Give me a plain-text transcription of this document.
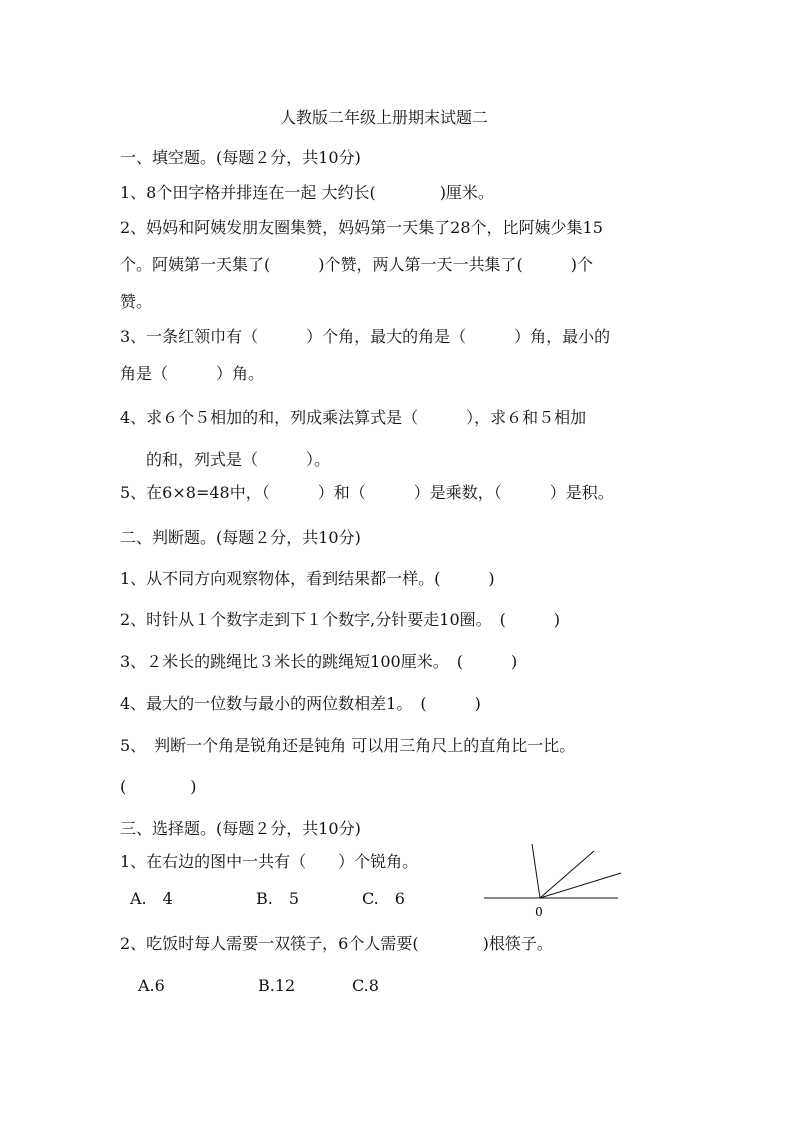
人教版二年级上册期末试题二
一、填空题。(每题２分，共10分)
1、8个田字格并排连在一起 大约长(　　　　)厘米。
2、妈妈和阿姨发朋友圈集赞，妈妈第一天集了28个，比阿姨少集15
个。阿姨第一天集了(　　　)个赞，两人第一天一共集了(　　　)个
赞。
3、一条红领巾有（　　　）个角，最大的角是（　　　）角，最小的
角是（　　　）角。
4、求６个５相加的和，列成乘法算式是（　　　），求６和５相加
的和，列式是（　　　）。
5、在6×8=48中，（　　　）和（　　　）是乘数，（　　　）是积。
二、判断题。(每题２分，共10分)
1、从不同方向观察物体，看到结果都一样。(　　　)
2、时针从１个数字走到下１个数字,分针要走10圈。　(　　　)
3、２米长的跳绳比３米长的跳绳短100厘米。　(　　　)
4、最大的一位数与最小的两位数相差1。　(　　　)
5、　判断一个角是锐角还是钝角 可以用三角尺上的直角比一比。
(　　　　)
三、选择题。(每题２分，共10分)
1、在右边的图中一共有（　　）个锐角。
A.　4	B.　5	C.　6
0
2、吃饭时每人需要一双筷子，6个人需要(　　　　)根筷子。
A.6	B.12	C.8
